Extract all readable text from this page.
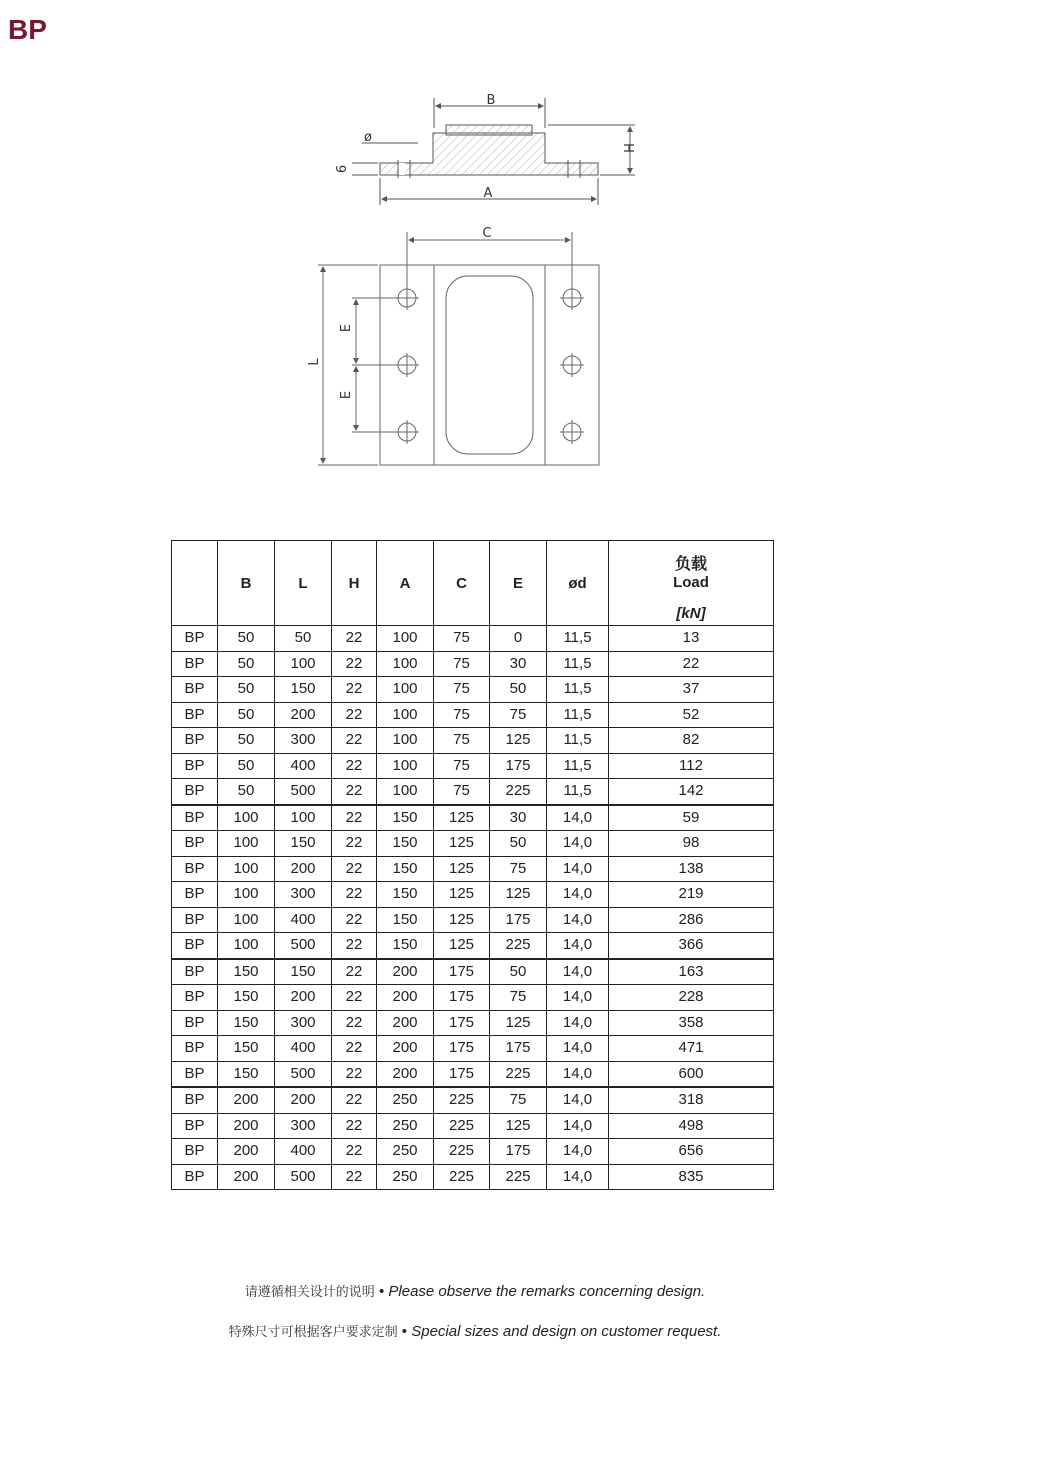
BP
B
H
A
ø
6
C
L
E
E
	B	L	H	A	C	E	ød	负载
Load
[kN]

BP	50	50	22	100	75	0	11,5	13
BP	50	100	22	100	75	30	11,5	22
BP	50	150	22	100	75	50	11,5	37
BP	50	200	22	100	75	75	11,5	52
BP	50	300	22	100	75	125	11,5	82
BP	50	400	22	100	75	175	11,5	112
BP	50	500	22	100	75	225	11,5	142
BP	100	100	22	150	125	30	14,0	59
BP	100	150	22	150	125	50	14,0	98
BP	100	200	22	150	125	75	14,0	138
BP	100	300	22	150	125	125	14,0	219
BP	100	400	22	150	125	175	14,0	286
BP	100	500	22	150	125	225	14,0	366
BP	150	150	22	200	175	50	14,0	163
BP	150	200	22	200	175	75	14,0	228
BP	150	300	22	200	175	125	14,0	358
BP	150	400	22	200	175	175	14,0	471
BP	150	500	22	200	175	225	14,0	600
BP	200	200	22	250	225	75	14,0	318
BP	200	300	22	250	225	125	14,0	498
BP	200	400	22	250	225	175	14,0	656
BP	200	500	22	250	225	225	14,0	835
请遵循相关设计的说明 • Please observe the remarks concerning design.
特殊尺寸可根据客户要求定制 • Special sizes and design on customer request.
